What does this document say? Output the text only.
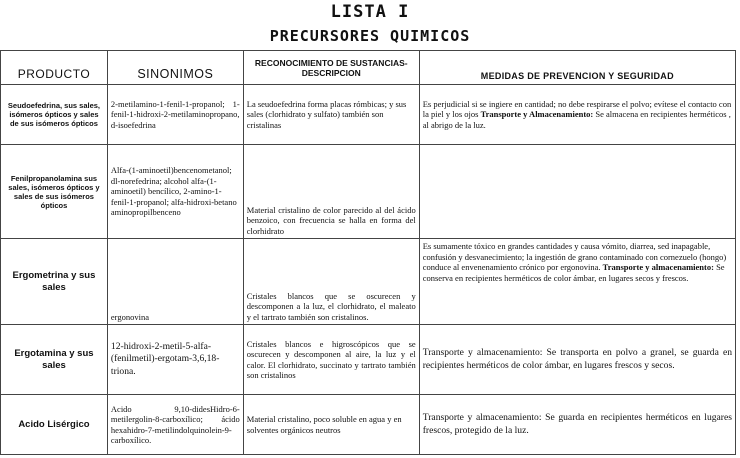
LISTA I
PRECURSORES QUIMICOS
PRODUCTO	SINONIMOS	RECONOCIMIENTO DE SUSTANCIAS- DESCRIPCION	MEDIDAS DE PREVENCION Y SEGURIDAD
Seudoefedrina, sus sales, isómeros ópticos y sales de sus isómeros ópticos	2-metilamino-1-fenil-1-propanol; 1-fenil-1-hidroxi-2-metilaminopropano, d-isoefedrina	La seudoefedrina forma placas rómbicas; y sus sales (clorhidrato y sulfato) también son cristalinas	Es perjudicial si se ingiere en cantidad; no debe respirarse el polvo; evítese el contacto con la piel y los ojos Transporte y Almacenamiento: Se almacena en recipientes herméticos , al abrigo de la luz.
Fenilpropanolamina sus sales, isómeros ópticos y sales de sus isómeros ópticos	Alfa-(1-aminoetil)bencenometanol; dl-norefedrina; alcohol alfa-(1-aminoetil) bencílico, 2-amino-1-fenil-1-propanol; alfa-hidroxi-betano aminopropilbenceno	Material cristalino de color parecido al del ácido benzoico, con frecuencia se halla en forma del clorhidrato	
Ergometrina y sus sales	ergonovina	Cristales blancos que se oscurecen y descomponen a la luz, el clorhidrato, el maleato y el tartrato también son cristalinos.	Es sumamente tóxico en grandes cantidades y causa vómito, diarrea, sed inapagable, confusión y desvanecimiento; la ingestión de grano contaminado con cornezuelo (hongo) conduce al envenenamiento crónico por ergonovina. Transporte y almacenamiento: Se conserva en recipientes herméticos de color ámbar, en lugares secos y frescos.
Ergotamina y sus sales	12-hidroxi-2-metil-5-alfa-(fenilmetil)-ergotam-3,6,18-triona.	Cristales blancos e higroscópicos que se oscurecen y descomponen al aire, la luz y el calor. El clorhidrato, succinato y tartrato también son cristalinos	Transporte y almacenamiento: Se transporta en polvo a granel, se guarda en recipientes herméticos de color ámbar, en lugares frescos y secos.
Acido Lisérgico	Acido 9,10-didesHidro-6-metilergolin-8-carboxílico; ácido hexahidro-7-metilindolquinolein-9- carboxílico.	Material cristalino, poco soluble en agua y en solventes orgánicos neutros	Transporte y almacenamiento: Se guarda en recipientes herméticos en lugares frescos, protegido de la luz.
